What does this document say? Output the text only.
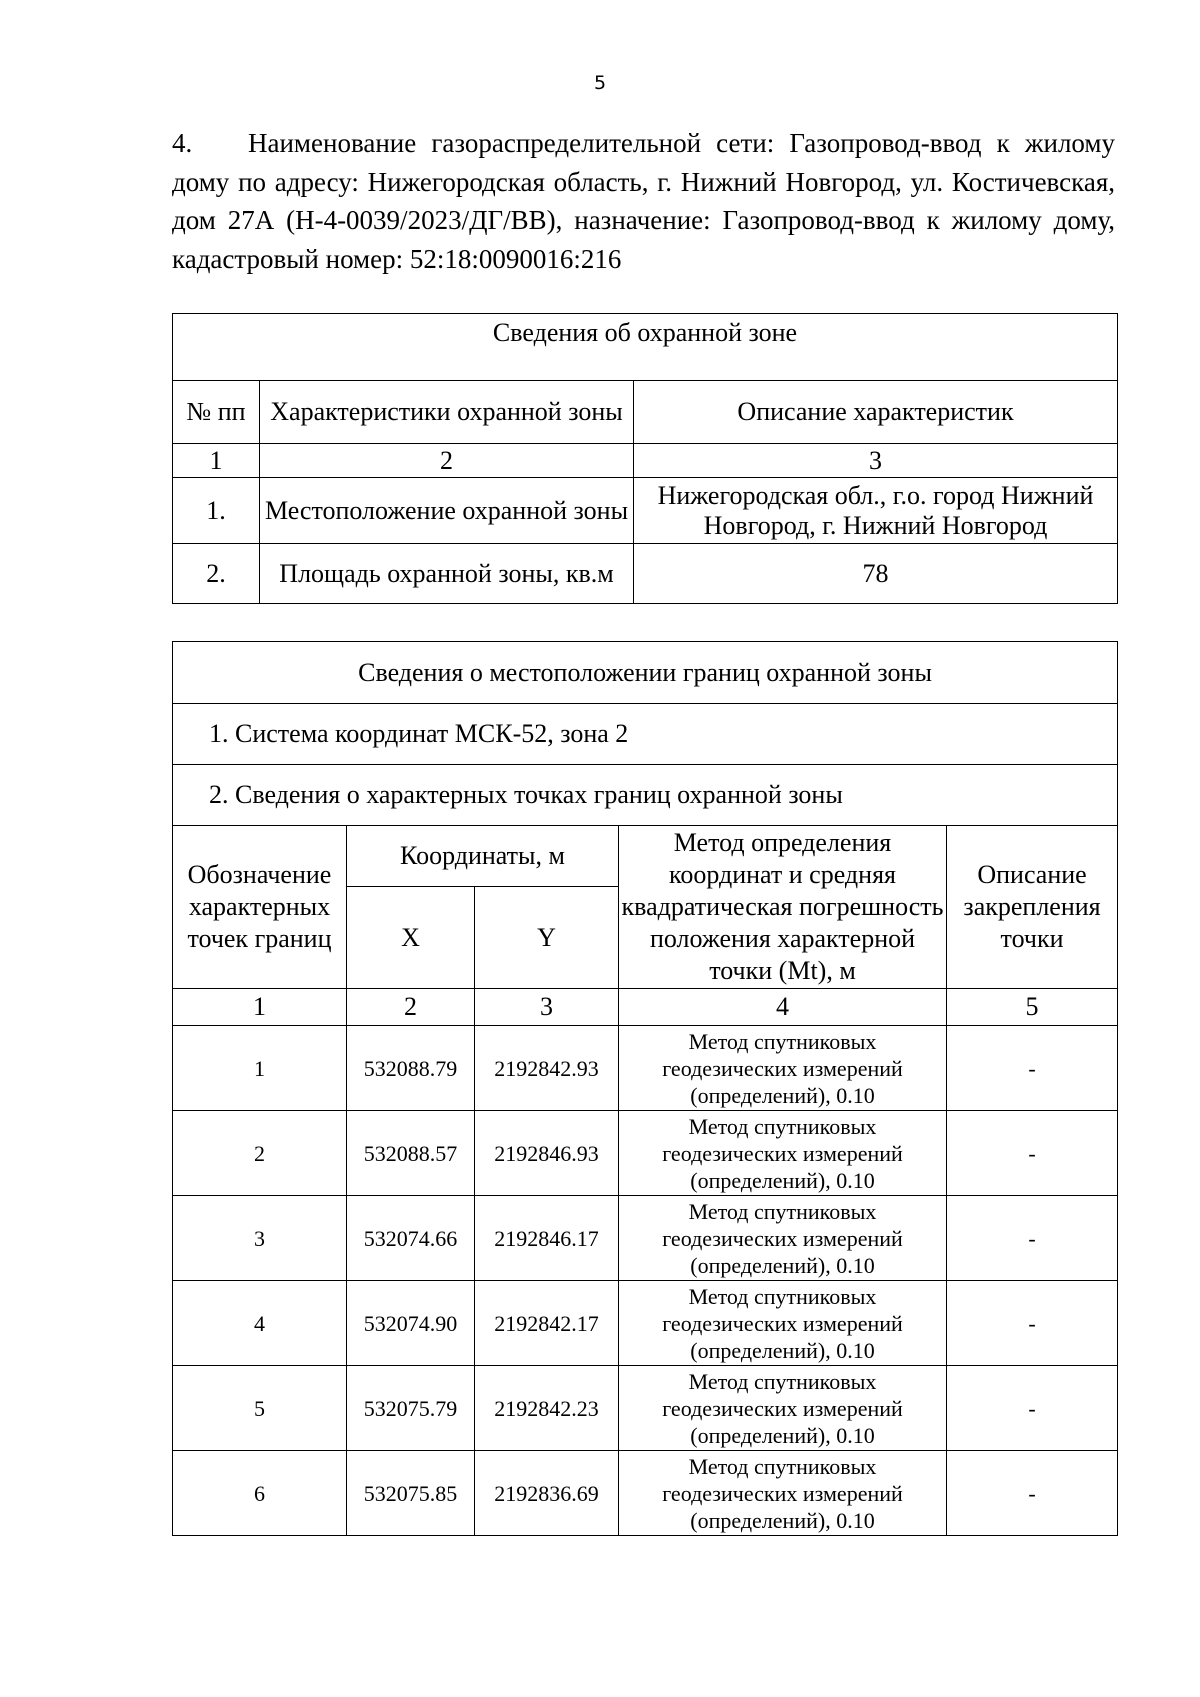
5

4. Наименование газораспределительной сети: Газопровод-ввод к жилому дому по адресу: Нижегородская область, г. Нижний Новгород, ул. Костичевская, дом 27А (Н-4-0039/2023/ДГ/ВВ), назначение: Газопровод-ввод к жилому дому, кадастровый номер: 52:18:0090016:216

Сведения об охранной зоне		
№ пп	Характеристики охранной зоны	Описание характеристик
1	2	3
1.	Местоположение охранной зоны	Нижегородская обл., г.о. город Нижний Новгород, г. Нижний Новгород
2.	Площадь охранной зоны, кв.м	78
Сведения о местоположении границ охранной зоны				
1. Система координат МСК-52, зона 2				
2. Сведения о характерных точках границ охранной зоны				
Обозначение характерных точек границ	Координаты, м		Метод определения координат и средняя квадратическая погрешность положения характерной точки (Mt), м	Описание закрепления точки
	X	Y		
1	2	3	4	5
1	532088.79	2192842.93	Метод спутниковых геодезических измерений (определений), 0.10	-
2	532088.57	2192846.93	Метод спутниковых геодезических измерений (определений), 0.10	-
3	532074.66	2192846.17	Метод спутниковых геодезических измерений (определений), 0.10	-
4	532074.90	2192842.17	Метод спутниковых геодезических измерений (определений), 0.10	-
5	532075.79	2192842.23	Метод спутниковых геодезических измерений (определений), 0.10	-
6	532075.85	2192836.69	Метод спутниковых геодезических измерений (определений), 0.10	-
